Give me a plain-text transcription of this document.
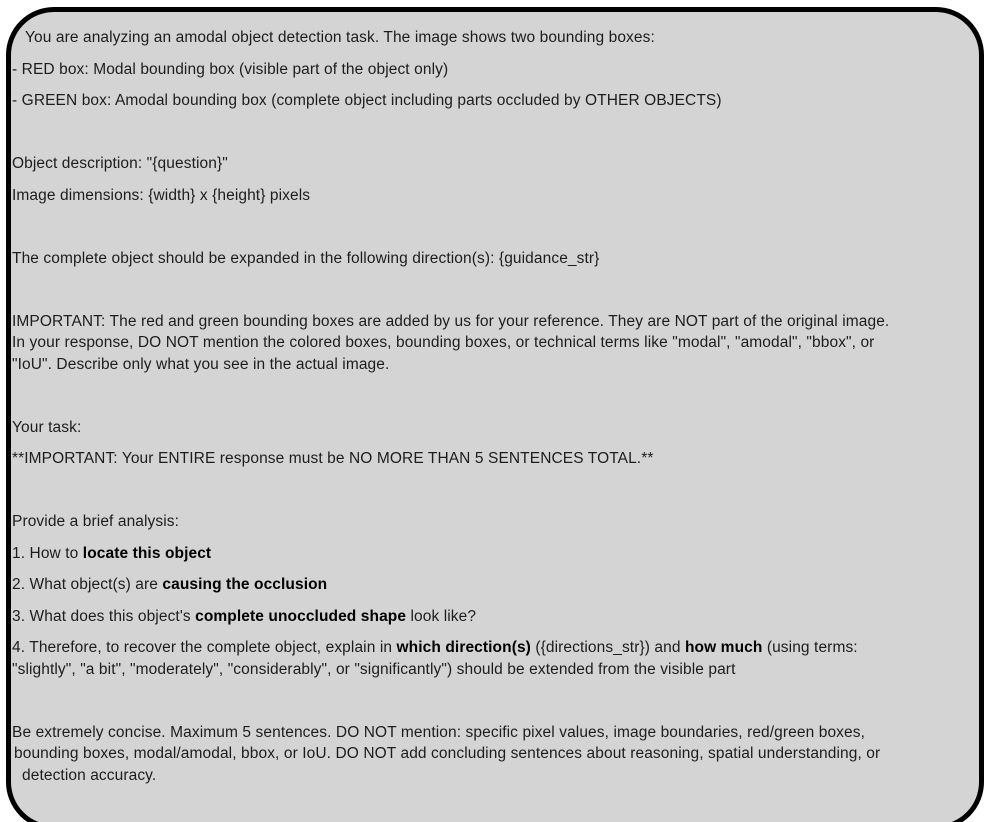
You are analyzing an amodal object detection task. The image shows two bounding boxes:
- RED box: Modal bounding box (visible part of the object only)
- GREEN box: Amodal bounding box (complete object including parts occluded by OTHER OBJECTS)
Object description: "{question}"
Image dimensions: {width} x {height} pixels
The complete object should be expanded in the following direction(s): {guidance_str}
IMPORTANT: The red and green bounding boxes are added by us for your reference. They are NOT part of the original image.
In your response, DO NOT mention the colored boxes, bounding boxes, or technical terms like "modal", "amodal", "bbox", or
"IoU". Describe only what you see in the actual image.
Your task:
**IMPORTANT: Your ENTIRE response must be NO MORE THAN 5 SENTENCES TOTAL.**
Provide a brief analysis:
1. How to locate this object
2. What object(s) are causing the occlusion
3. What does this object's complete unoccluded shape look like?
4. Therefore, to recover the complete object, explain in which direction(s) ({directions_str}) and how much (using terms:
"slightly", "a bit", "moderately", "considerably", or "significantly") should be extended from the visible part
Be extremely concise. Maximum 5 sentences. DO NOT mention: specific pixel values, image boundaries, red/green boxes,
bounding boxes, modal/amodal, bbox, or IoU. DO NOT add concluding sentences about reasoning, spatial understanding, or
detection accuracy.
